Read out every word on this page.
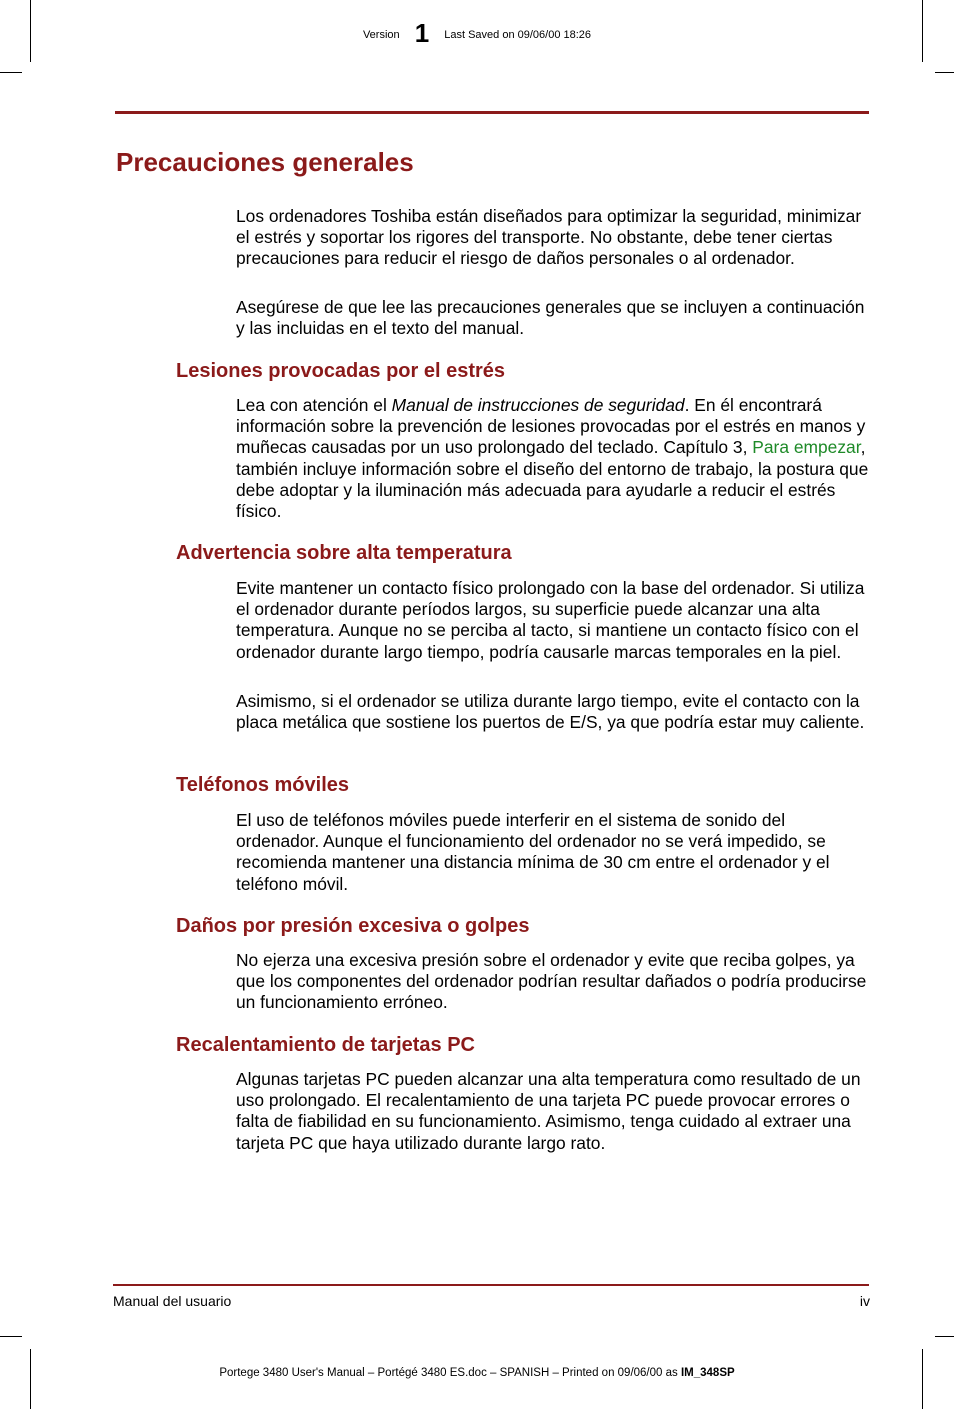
Version 1 Last Saved on 09/06/00 18:26
Precauciones generales

Los ordenadores Toshiba están diseñados para optimizar la seguridad, minimizar el estrés y soportar los rigores del transporte. No obstante, debe tener ciertas precauciones para reducir el riesgo de daños personales o al ordenador.

Asegúrese de que lee las precauciones generales que se incluyen a continuación y las incluidas en el texto del manual.

Lesiones provocadas por el estrés

Lea con atención el Manual de instrucciones de seguridad. En él encontrará información sobre la prevención de lesiones provocadas por el estrés en manos y muñecas causadas por un uso prolongado del teclado. Capítulo 3, Para empezar, también incluye información sobre el diseño del entorno de trabajo, la postura que debe adoptar y la iluminación más adecuada para ayudarle a reducir el estrés físico.

Advertencia sobre alta temperatura

Evite mantener un contacto físico prolongado con la base del ordenador. Si utiliza el ordenador durante períodos largos, su superficie puede alcanzar una alta temperatura. Aunque no se perciba al tacto, si mantiene un contacto físico con el ordenador durante largo tiempo, podría causarle marcas temporales en la piel.

Asimismo, si el ordenador se utiliza durante largo tiempo, evite el contacto con la placa metálica que sostiene los puertos de E/S, ya que podría estar muy caliente.

Teléfonos móviles

El uso de teléfonos móviles puede interferir en el sistema de sonido del ordenador. Aunque el funcionamiento del ordenador no se verá impedido, se recomienda mantener una distancia mínima de 30 cm entre el ordenador y el teléfono móvil.

Daños por presión excesiva o golpes

No ejerza una excesiva presión sobre el ordenador y evite que reciba golpes, ya que los componentes del ordenador podrían resultar dañados o podría producirse un funcionamiento erróneo.

Recalentamiento de tarjetas PC

Algunas tarjetas PC pueden alcanzar una alta temperatura como resultado de un uso prolongado. El recalentamiento de una tarjeta PC puede provocar errores o falta de fiabilidad en su funcionamiento. Asimismo, tenga cuidado al extraer una tarjeta PC que haya utilizado durante largo rato.

Manual del usuario	iv
Portege 3480 User's Manual – Portégé 3480 ES.doc – SPANISH – Printed on 09/06/00 as IM_348SP
